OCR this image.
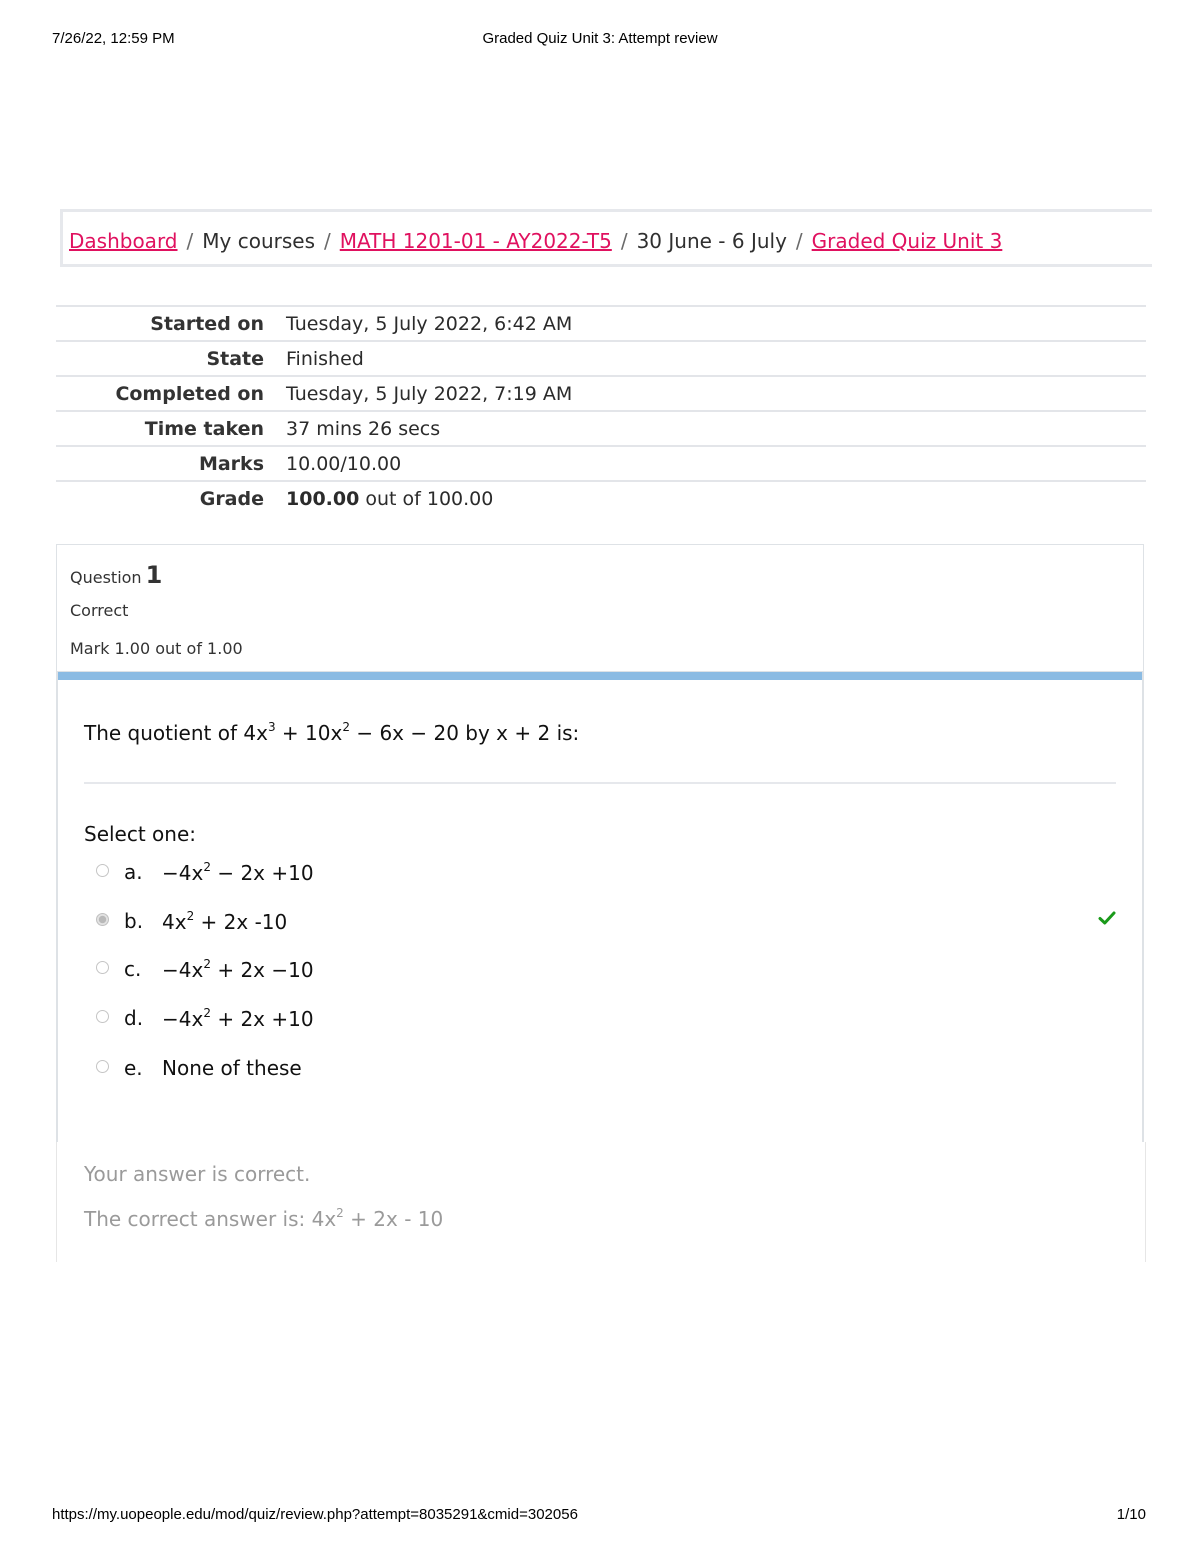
7/26/22, 12:59 PM	Graded Quiz Unit 3: Attempt review
Dashboard / My courses / MATH 1201-01 - AY2022-T5 / 30 June - 6 July / Graded Quiz Unit 3
Started on	Tuesday, 5 July 2022, 6:42 AM
State	Finished
Completed on	Tuesday, 5 July 2022, 7:19 AM
Time taken	37 mins 26 secs
Marks	10.00/10.00
Grade	100.00 out of 100.00
Question 1
Correct
Mark 1.00 out of 1.00
The quotient of $4x^3 + 10x^2 - 6x - 20$ by x + 2 is:
Select one:
a. $-4x^2 - 2x +10$
b. $4x^2 + 2x$ -10
c. $-4x^2 + 2x -10$
d. $-4x^2 + 2x +10$
e. None of these
Your answer is correct.
The correct answer is: $4x^2 + 2x - 10$
https://my.uopeople.edu/mod/quiz/review.php?attempt=8035291&cmid=302056	1/10
